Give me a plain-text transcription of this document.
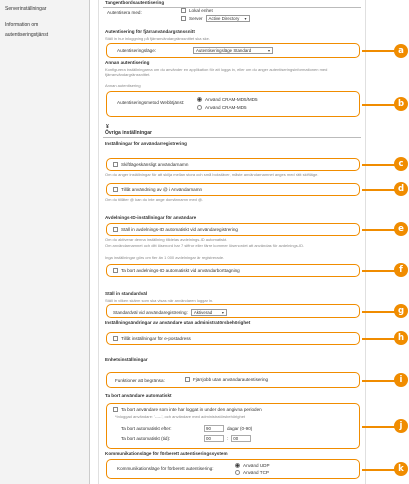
Serverinställningar
Information om
autentiseringstjänst
Tangentbordsautentisering
Autentisera med:	Lokal enhet
Server Active Directory ▾
Autentisering för fjärranvändargränssnitt
Ställ in hur inloggning på fjärranvändargränssnittet ska ske.
Autentiseringsläge:	Autentiseringsläge Standard	▾
Annan autentisering
Konfigurera inställningarna om du använder en applikation för att logga in, eller om du anger autentiseringsinformationen med fjärranvändargränssnittet.
Annan autentisering
Autentiseringsmetod Webbtjänst:
Använd CRAM-MD5/MD5
Använd CRAM-MD5
¥
Övriga inställningar
Inställningar för användarregistrering
Skiftlägeskänsligt användarnamn
Om du anger inställningar för att skilja mellan stora och små bokstäver, måste användarnamnet anges med rätt skiftläge.
Tillåt användning av @ i Användarnamn
Om du tillåter @ kan du inte ange domännamn med @.
Avdelnings-ID-inställningar för användare
Ställ in avdelnings-ID automatiskt vid användaregistrering
Om du aktiverar denna inställning tilldelas avdelnings-ID automatiskt.
Om användarnamnet och ditt lösenord har 7 siffror eller färre kommer lösenordet att användas för avdelnings-ID.
Inga inställningar görs om fler än 1 000 avdelningar är registrerade.
Ta bort avdelnings-ID automatiskt vid användarborttagning
Ställ in standardväl
Ställ in vilken skärm som ska visas när användaren loggar in.
Standardväl vid användaregistrering: Aktiverad ▾
Inställningsändringar av användare utan administratörsbehörighet
Tillåt inställningar för e-postadress
Enhetsinställningar
Funktioner att begränsa:	Fjärrjobb utan användarautentisering
Ta bort användare automatiskt
Ta bort användare som inte har loggat in under den angivna perioden
*Inloggad användare: '-----', och användare med administratörsbehörighet
Ta bort automatiskt efter:	90	dagar (0-90)
Ta bort automatiskt (tid):	00	:	00
Kommunikationsläge för förberett autentiseringssystem
Kommunikationsläge för förberett autentisering:
Använd UDP
Använd TCP
a
b
c
d
e
f
g
h
i
j
k
